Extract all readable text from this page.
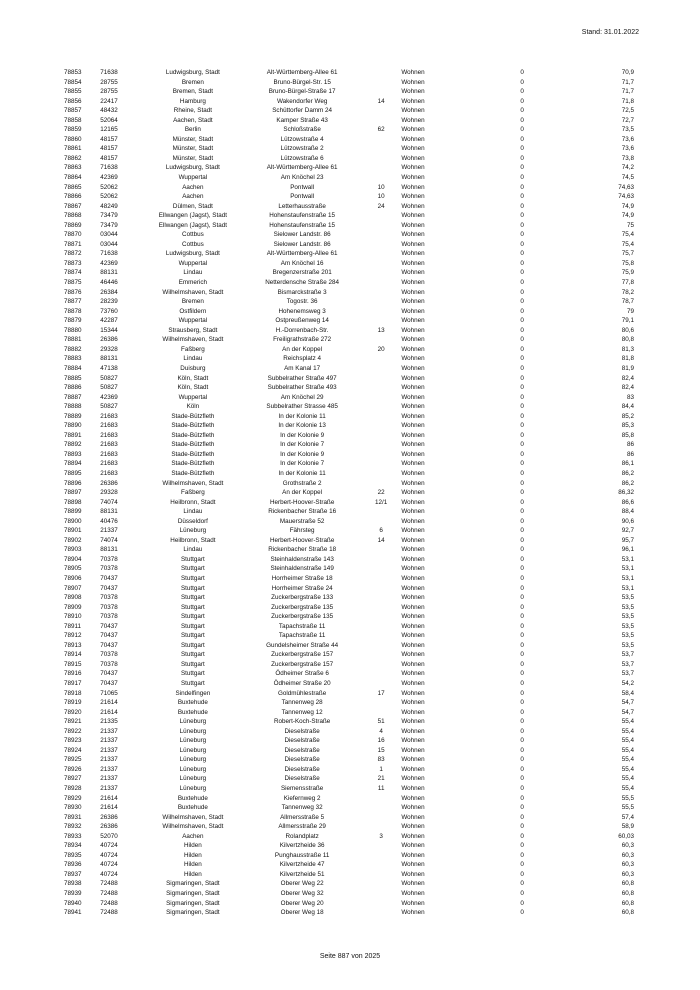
Stand: 31.01.2022
78853	71638	Ludwigsburg, Stadt	Alt-Württemberg-Allee 61		Wohnen	0	70,9
78854	28755	Bremen	Bruno-Bürgel-Str. 15		Wohnen	0	71,7
78855	28755	Bremen, Stadt	Bruno-Bürgel-Straße 17		Wohnen	0	71,7
78856	22417	Hamburg	Wakendorfer Weg	14	Wohnen	0	71,8
78857	48432	Rheine, Stadt	Schüttorfer Damm 24		Wohnen	0	72,5
78858	52064	Aachen, Stadt	Kamper Straße 43		Wohnen	0	72,7
78859	12165	Berlin	Schloßstraße	62	Wohnen	0	73,5
78860	48157	Münster, Stadt	Lützowstraße 4		Wohnen	0	73,6
78861	48157	Münster, Stadt	Lützowstraße 2		Wohnen	0	73,6
78862	48157	Münster, Stadt	Lützowstraße 6		Wohnen	0	73,8
78863	71638	Ludwigsburg, Stadt	Alt-Württemberg-Allee 61		Wohnen	0	74,2
78864	42369	Wuppertal	Am Knöchel 23		Wohnen	0	74,5
78865	52062	Aachen	Pontwall	10	Wohnen	0	74,63
78866	52062	Aachen	Pontwall	10	Wohnen	0	74,63
78867	48249	Dülmen, Stadt	Letterhausstraße	24	Wohnen	0	74,9
78868	73479	Ellwangen (Jagst), Stadt	Hohenstaufenstraße 15		Wohnen	0	74,9
78869	73479	Ellwangen (Jagst), Stadt	Hohenstaufenstraße 15		Wohnen	0	75
78870	03044	Cottbus	Sielower Landstr. 86		Wohnen	0	75,4
78871	03044	Cottbus	Sielower Landstr. 86		Wohnen	0	75,4
78872	71638	Ludwigsburg, Stadt	Alt-Württemberg-Allee 61		Wohnen	0	75,7
78873	42369	Wuppertal	Am Knöchel 16		Wohnen	0	75,8
78874	88131	Lindau	Bregenzerstraße 201		Wohnen	0	75,9
78875	46446	Emmerich	Netterdensche Straße 284		Wohnen	0	77,8
78876	26384	Wilhelmshaven, Stadt	Bismarckstraße 3		Wohnen	0	78,2
78877	28239	Bremen	Togostr. 36		Wohnen	0	78,7
78878	73760	Ostfildern	Hohenemsweg 3		Wohnen	0	79
78879	42287	Wuppertal	Ostpreußenweg 14		Wohnen	0	79,1
78880	15344	Strausberg, Stadt	H.-Dorrenbach-Str.	13	Wohnen	0	80,6
78881	26386	Wilhelmshaven, Stadt	Freiligrathstraße 272		Wohnen	0	80,8
78882	29328	Faßberg	An der Koppel	20	Wohnen	0	81,3
78883	88131	Lindau	Reichsplatz 4		Wohnen	0	81,8
78884	47138	Duisburg	Am Kanal 17		Wohnen	0	81,9
78885	50827	Köln, Stadt	Subbelrather Straße 497		Wohnen	0	82,4
78886	50827	Köln, Stadt	Subbelrather Straße 493		Wohnen	0	82,4
78887	42369	Wuppertal	Am Knöchel 29		Wohnen	0	83
78888	50827	Köln	Subbelrather Strasse 485		Wohnen	0	84,4
78889	21683	Stade-Bützfleth	In der Kolonie 11		Wohnen	0	85,2
78890	21683	Stade-Bützfleth	In der Kolonie 13		Wohnen	0	85,3
78891	21683	Stade-Bützfleth	In der Kolonie 9		Wohnen	0	85,8
78892	21683	Stade-Bützfleth	In der Kolonie 7		Wohnen	0	86
78893	21683	Stade-Bützfleth	In der Kolonie 9		Wohnen	0	86
78894	21683	Stade-Bützfleth	In der Kolonie 7		Wohnen	0	86,1
78895	21683	Stade-Bützfleth	In der Kolonie 11		Wohnen	0	86,2
78896	26386	Wilhelmshaven, Stadt	Grothstraße 2		Wohnen	0	86,2
78897	29328	Faßberg	An der Koppel	22	Wohnen	0	86,32
78898	74074	Heilbronn, Stadt	Herbert-Hoover-Straße	12/1	Wohnen	0	86,6
78899	88131	Lindau	Rickenbacher Straße 16		Wohnen	0	88,4
78900	40476	Düsseldorf	Mauerstraße 52		Wohnen	0	90,6
78901	21337	Lüneburg	Fährsteg	6	Wohnen	0	92,7
78902	74074	Heilbronn, Stadt	Herbert-Hoover-Straße	14	Wohnen	0	95,7
78903	88131	Lindau	Rickenbacher Straße 18		Wohnen	0	96,1
78904	70378	Stuttgart	Steinhaldenstraße 143		Wohnen	0	53,1
78905	70378	Stuttgart	Steinhaldenstraße 149		Wohnen	0	53,1
78906	70437	Stuttgart	Horrheimer Straße 18		Wohnen	0	53,1
78907	70437	Stuttgart	Horrheimer Straße 24		Wohnen	0	53,1
78908	70378	Stuttgart	Zuckerbergstraße 133		Wohnen	0	53,5
78909	70378	Stuttgart	Zuckerbergstraße 135		Wohnen	0	53,5
78910	70378	Stuttgart	Zuckerbergstraße 135		Wohnen	0	53,5
78911	70437	Stuttgart	Tapachstraße 11		Wohnen	0	53,5
78912	70437	Stuttgart	Tapachstraße 11		Wohnen	0	53,5
78913	70437	Stuttgart	Gundelsheimer Straße 44		Wohnen	0	53,5
78914	70378	Stuttgart	Zuckerbergstraße 157		Wohnen	0	53,7
78915	70378	Stuttgart	Zuckerbergstraße 157		Wohnen	0	53,7
78916	70437	Stuttgart	Ödheimer Straße 6		Wohnen	0	53,7
78917	70437	Stuttgart	Ödheimer Straße 20		Wohnen	0	54,2
78918	71065	Sindelfingen	Goldmühlestraße	17	Wohnen	0	58,4
78919	21614	Buxtehude	Tannenweg 28		Wohnen	0	54,7
78920	21614	Buxtehude	Tannenweg 12		Wohnen	0	54,7
78921	21335	Lüneburg	Robert-Koch-Straße	51	Wohnen	0	55,4
78922	21337	Lüneburg	Dieselstraße	4	Wohnen	0	55,4
78923	21337	Lüneburg	Dieselstraße	16	Wohnen	0	55,4
78924	21337	Lüneburg	Dieselstraße	15	Wohnen	0	55,4
78925	21337	Lüneburg	Dieselstraße	83	Wohnen	0	55,4
78926	21337	Lüneburg	Dieselstraße	1	Wohnen	0	55,4
78927	21337	Lüneburg	Dieselstraße	21	Wohnen	0	55,4
78928	21337	Lüneburg	Siemensstraße	11	Wohnen	0	55,4
78929	21614	Buxtehude	Kiefernweg 2		Wohnen	0	55,5
78930	21614	Buxtehude	Tannenweg 32		Wohnen	0	55,5
78931	26386	Wilhelmshaven, Stadt	Allmersstraße 5		Wohnen	0	57,4
78932	26386	Wilhelmshaven, Stadt	Allmersstraße 29		Wohnen	0	58,9
78933	52070	Aachen	Rolandplatz	3	Wohnen	0	60,03
78934	40724	Hilden	Kilvertzheide 36		Wohnen	0	60,3
78935	40724	Hilden	Punghausstraße 11		Wohnen	0	60,3
78936	40724	Hilden	Kilvertzheide 47		Wohnen	0	60,3
78937	40724	Hilden	Kilvertzheide 51		Wohnen	0	60,3
78938	72488	Sigmaringen, Stadt	Oberer Weg 22		Wohnen	0	60,8
78939	72488	Sigmaringen, Stadt	Oberer Weg 32		Wohnen	0	60,8
78940	72488	Sigmaringen, Stadt	Oberer Weg 20		Wohnen	0	60,8
78941	72488	Sigmaringen, Stadt	Oberer Weg 18		Wohnen	0	60,8
Seite 887 von 2025
